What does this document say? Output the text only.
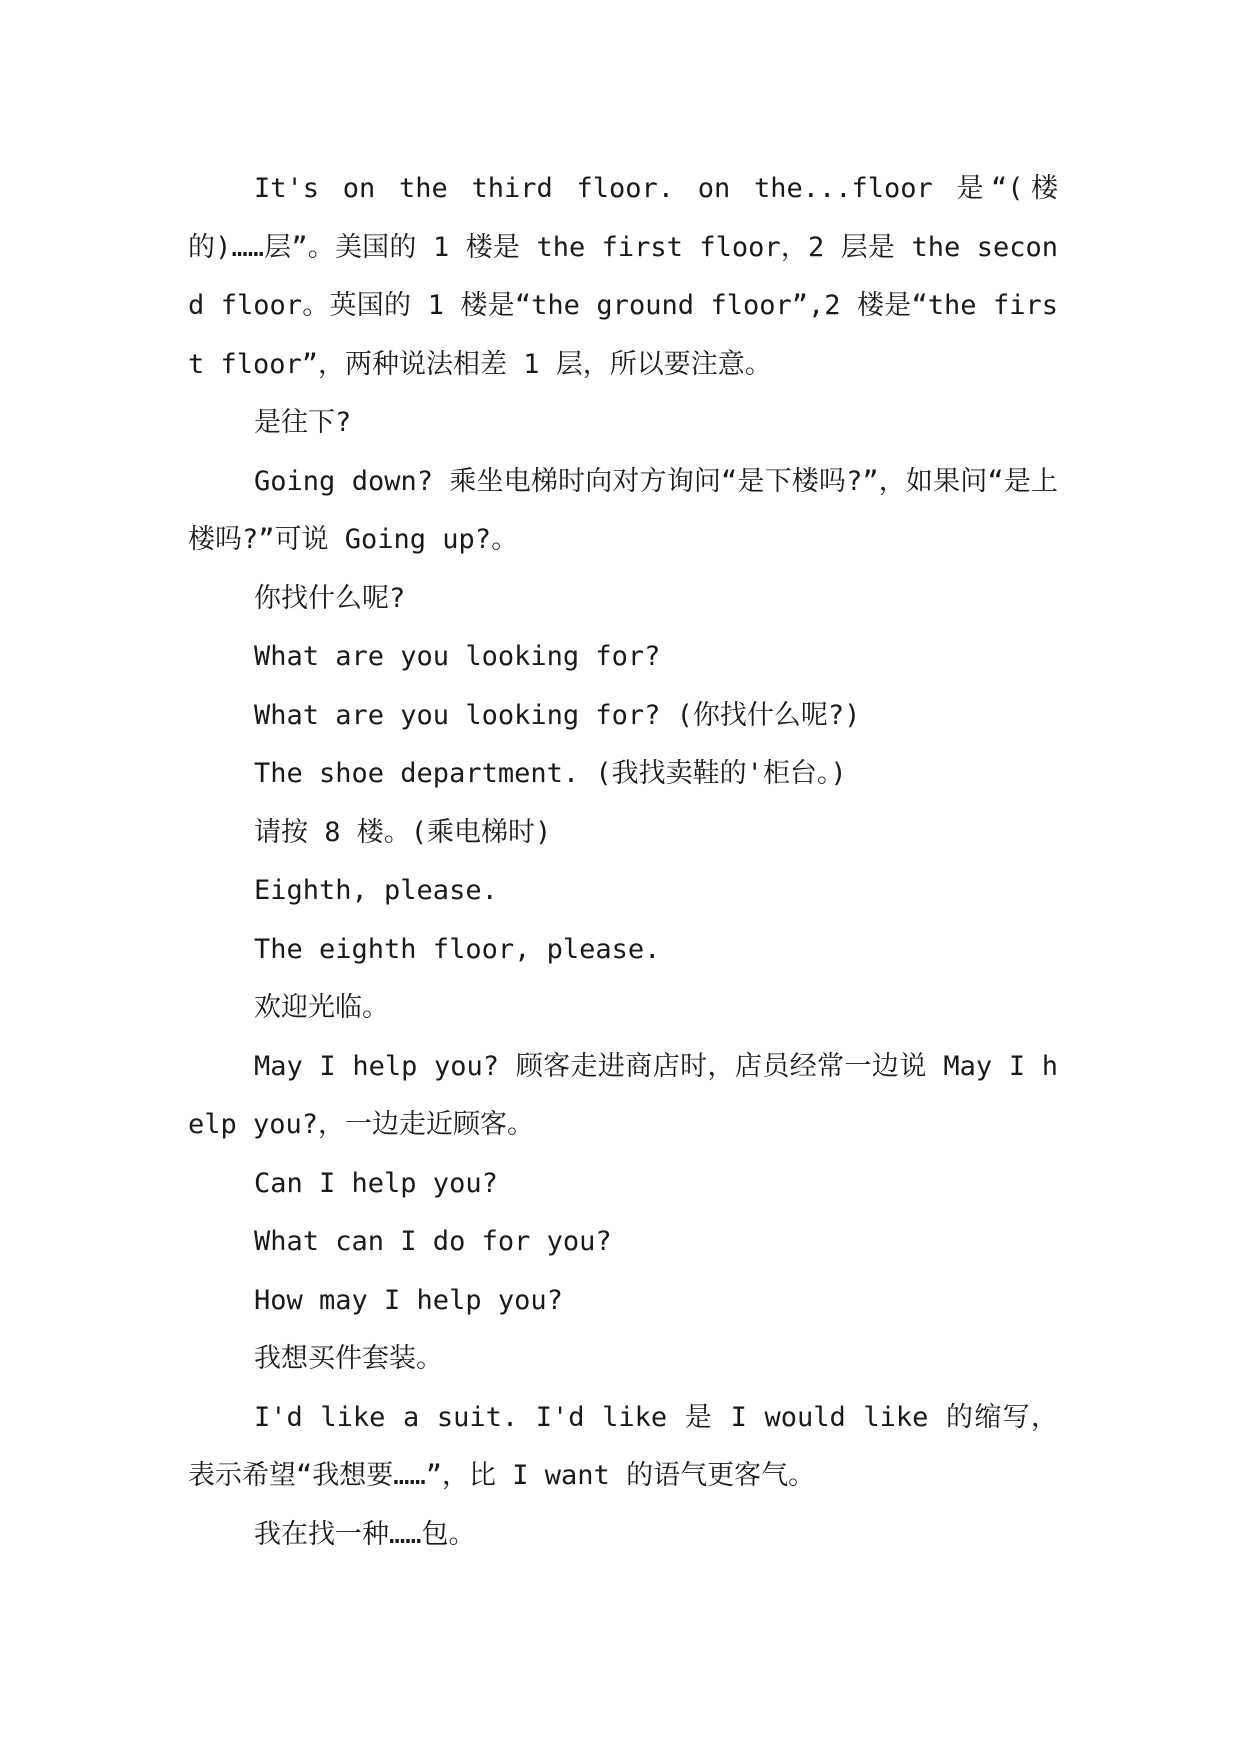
It's on the third floor. on the...floor 是“(楼的)……层”。美国的 1 楼是 the first floor，2 层是 the second floor。英国的 1 楼是“the ground floor”,2 楼是“the first floor”，两种说法相差 1 层，所以要注意。

是往下?

Going down? 乘坐电梯时向对方询问“是下楼吗?”，如果问“是上楼吗?”可说 Going up?。

你找什么呢?

What are you looking for?

What are you looking for? (你找什么呢?)

The shoe department. (我找卖鞋的'柜台。)

请按 8 楼。(乘电梯时)

Eighth, please.

The eighth floor, please.

欢迎光临。

May I help you? 顾客走进商店时，店员经常一边说 May I help you?，一边走近顾客。

Can I help you?

What can I do for you?

How may I help you?

我想买件套装。

I'd like a suit. I'd like 是 I would like 的缩写，表示希望“我想要……”，比 I want 的语气更客气。

我在找一种……包。
